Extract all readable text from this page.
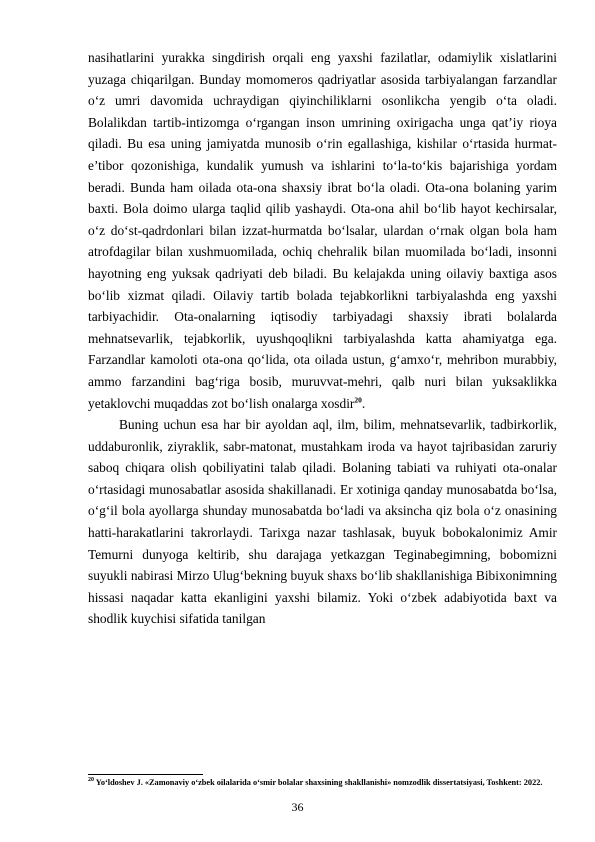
nasihatlarini yurakka singdirish orqali eng yaxshi fazilatlar, odamiylik xislatlarini yuzaga chiqarilgan. Bunday momomeros qadriyatlar asosida tarbiyalangan farzandlar o‘z umri davomida uchraydigan qiyinchiliklarni osonlikcha yengib o‘ta oladi. Bolalikdan tartib-intizomga o‘rgangan inson umrining oxirigacha unga qat’iy rioya qiladi. Bu esa uning jamiyatda munosib o‘rin egallashiga, kishilar o‘rtasida hurmat-e’tibor qozonishiga, kundalik yumush va ishlarini to‘la-to‘kis bajarishiga yordam beradi. Bunda ham oilada ota-ona shaxsiy ibrat bo‘la oladi. Ota-ona bolaning yarim baxti. Bola doimo ularga taqlid qilib yashaydi. Ota-ona ahil bo‘lib hayot kechirsalar, o‘z do‘st-qadrdonlari bilan izzat-hurmatda bo‘lsalar, ulardan o‘rnak olgan bola ham atrofdagilar bilan xushmuomilada, ochiq chehralik bilan muomilada bo‘ladi, insonni hayotning eng yuksak qadriyati deb biladi. Bu kelajakda uning oilaviy baxtiga asos bo‘lib xizmat qiladi. Oilaviy tartib bolada tejabkorlikni tarbiyalashda eng yaxshi tarbiyachidir. Ota-onalarning iqtisodiy tarbiyadagi shaxsiy ibrati bolalarda mehnatsevarlik, tejabkorlik, uyushqoqlikni tarbiyalashda katta ahamiyatga ega. Farzandlar kamoloti ota-ona qo‘lida, ota oilada ustun, g‘amxo‘r, mehribon murabbiy, ammo farzandini bag‘riga bosib, muruvvat-mehri, qalb nuri bilan yuksaklikka yetaklovchi muqaddas zot bo‘lish onalarga xosdir$^{20}$.

Buning uchun esa har bir ayoldan aql, ilm, bilim, mehnatsevarlik, tadbirkorlik, uddaburonlik, ziyraklik, sabr-matonat, mustahkam iroda va hayot tajribasidan zaruriy saboq chiqara olish qobiliyatini talab qiladi. Bolaning tabiati va ruhiyati ota-onalar o‘rtasidagi munosabatlar asosida shakillanadi. Er xotiniga qanday munosabatda bo‘lsa, o‘g‘il bola ayollarga shunday munosabatda bo‘ladi va aksincha qiz bola o‘z onasining hatti-harakatlarini takrorlaydi. Tarixga nazar tashlasak, buyuk bobokalonimiz Amir Temurni dunyoga keltirib, shu darajaga yetkazgan Teginabegimning, bobomizni suyukli nabirasi Mirzo Ulug‘bekning buyuk shaxs bo‘lib shakllanishiga Bibixonimning hissasi naqadar katta ekanligini yaxshi bilamiz. Yoki o‘zbek adabiyotida baxt va shodlik kuychisi sifatida tanilgan

$^{20}$ Yo‘ldoshev J. «Zamonaviy o‘zbek oilalarida o‘smir bolalar shaxsining shakllanishi» nomzodlik dissertatsiyasi, Toshkent: 2022.
36
